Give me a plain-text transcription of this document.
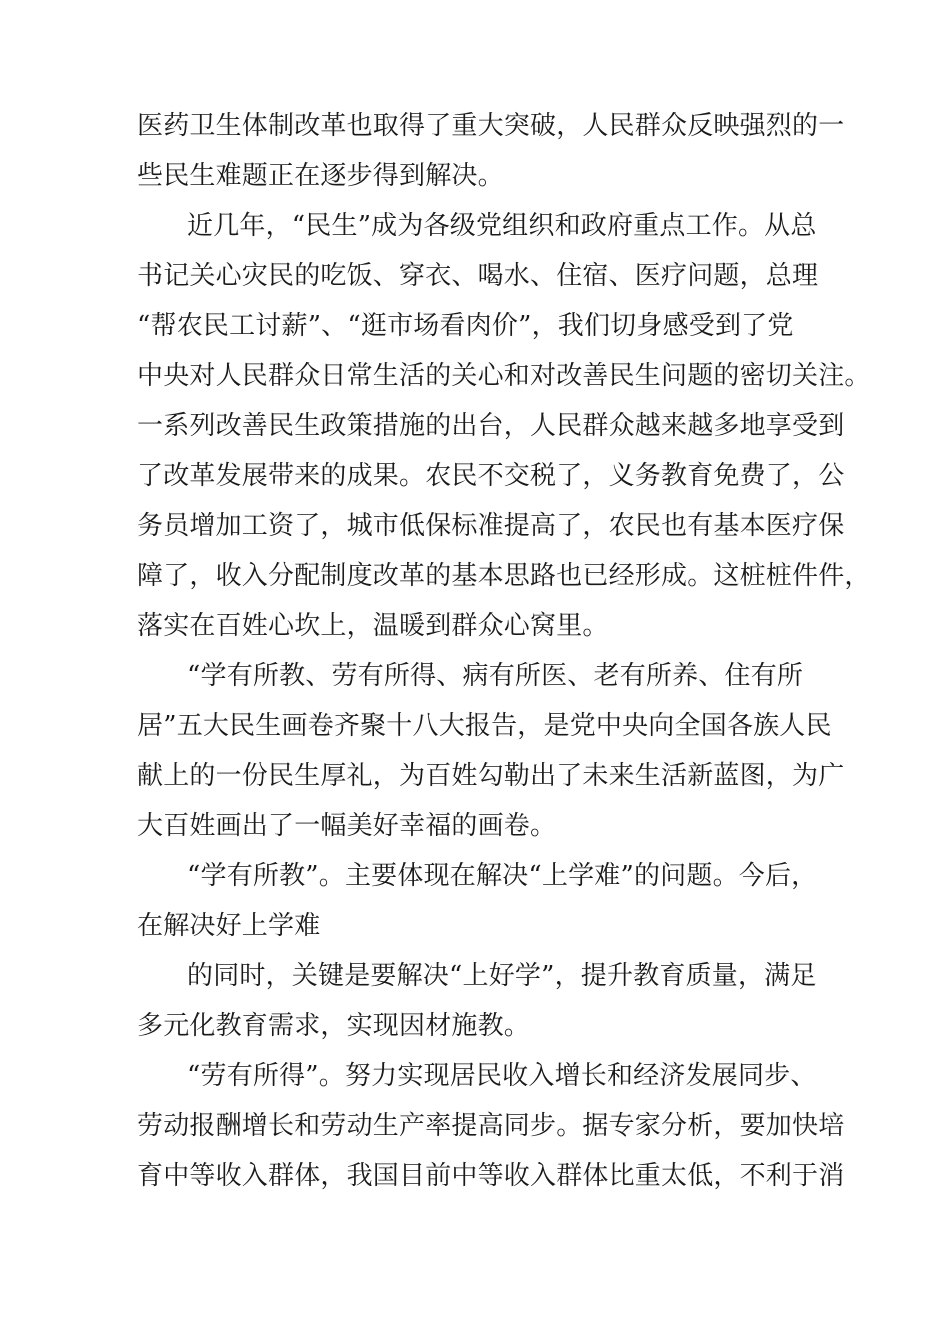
医药卫生体制改革也取得了重大突破，人民群众反映强烈的一
些民生难题正在逐步得到解决。
近几年，“民生”成为各级党组织和政府重点工作。从总
书记关心灾民的吃饭、穿衣、喝水、住宿、医疗问题，总理
“帮农民工讨薪”、“逛市场看肉价”，我们切身感受到了党
中央对人民群众日常生活的关心和对改善民生问题的密切关注。
一系列改善民生政策措施的出台，人民群众越来越多地享受到
了改革发展带来的成果。农民不交税了，义务教育免费了，公
务员增加工资了，城市低保标准提高了，农民也有基本医疗保
障了，收入分配制度改革的基本思路也已经形成。这桩桩件件，
落实在百姓心坎上，温暖到群众心窝里。
“学有所教、劳有所得、病有所医、老有所养、住有所
居”五大民生画卷齐聚十八大报告，是党中央向全国各族人民
献上的一份民生厚礼，为百姓勾勒出了未来生活新蓝图，为广
大百姓画出了一幅美好幸福的画卷。
“学有所教”。主要体现在解决“上学难”的问题。今后，
在解决好上学难
的同时，关键是要解决“上好学”，提升教育质量，满足
多元化教育需求，实现因材施教。
“劳有所得”。努力实现居民收入增长和经济发展同步、
劳动报酬增长和劳动生产率提高同步。据专家分析，要加快培
育中等收入群体，我国目前中等收入群体比重太低，不利于消
